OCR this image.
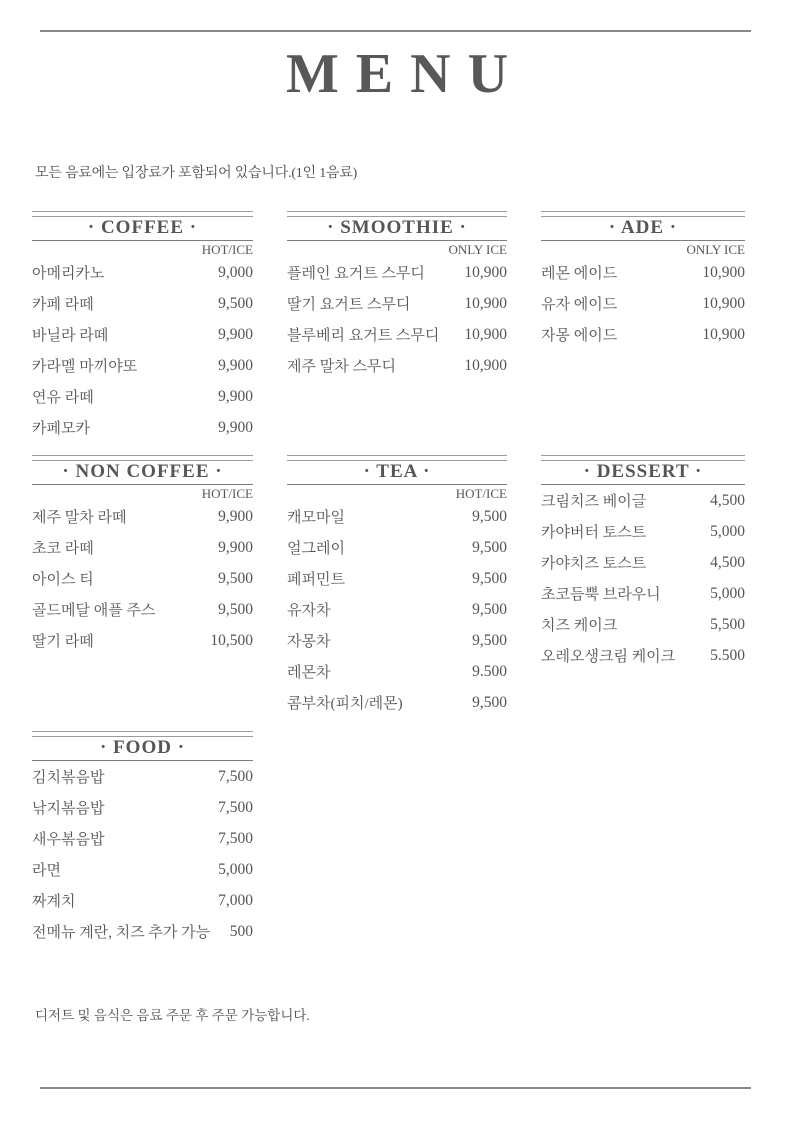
MENU

모든 음료에는 입장료가 포함되어 있습니다.(1인 1음료)

· COFFEE ·
HOT/ICE
아메리카노	9,000
카페 라떼	9,500
바닐라 라떼	9,900
카라멜 마끼야또	9,900
연유 라떼	9,900
카페모카	9,900
· SMOOTHIE ·
ONLY ICE
플레인 요거트 스무디	10,900
딸기 요거트 스무디	10,900
블루베리 요거트 스무디 10,900
제주 말차 스무디	10,900
· ADE ·
ONLY ICE
레몬 에이드	10,900
유자 에이드	10,900
자몽 에이드	10,900
· NON COFFEE ·
HOT/ICE
제주 말차 라떼	9,900
초코 라떼	9,900
아이스 티	9,500
골드메달 애플 주스	9,500
딸기 라떼	10,500
· TEA ·
HOT/ICE
캐모마일	9,500
얼그레이	9,500
페퍼민트	9,500
유자차	9,500
자몽차	9,500
레몬차	9.500
콤부차(피치/레몬)	9,500
· DESSERT ·
크림치즈 베이글	4,500
카야버터 토스트	5,000
카야치즈 토스트	4,500
초코듬뿍 브라우니	5,000
치즈 케이크	5,500
오레오생크림 케이크 5.500
· FOOD ·
김치볶음밥	7,500
낚지볶음밥	7,500
새우볶음밥	7,500
라면	5,000
짜계치	7,000
전메뉴 계란, 치즈 추가 가능 500

디저트 및 음식은 음료 주문 후 주문 가능합니다.
